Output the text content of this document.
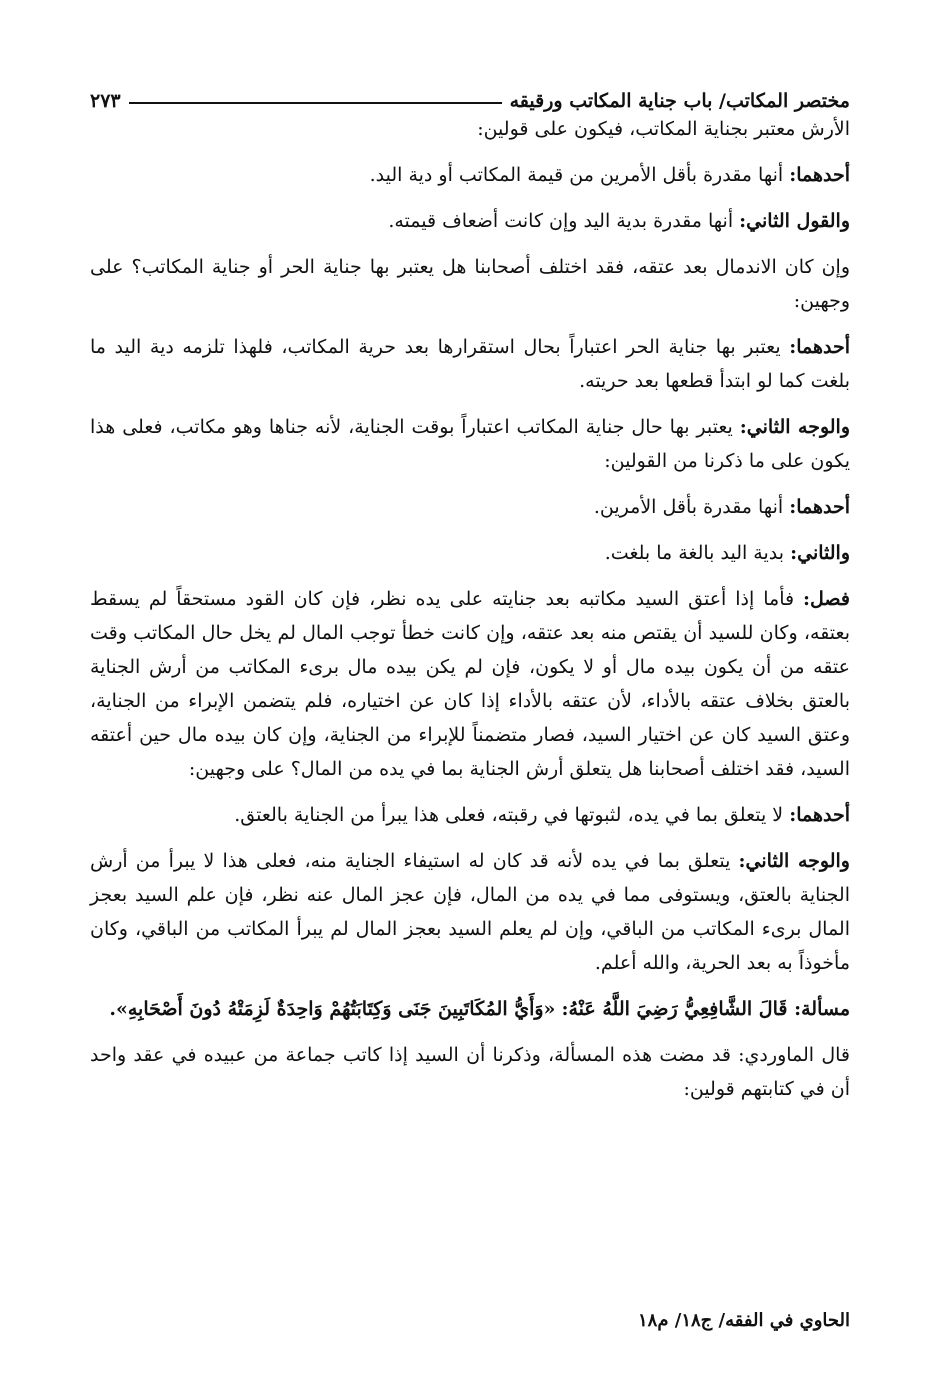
مختصر المكاتب/ باب جناية المكاتب ورقيقه
٢٧٣

الأرش معتبر بجناية المكاتب، فيكون على قولين:

أحدهما: أنها مقدرة بأقل الأمرين من قيمة المكاتب أو دية اليد.

والقول الثاني: أنها مقدرة بدية اليد وإن كانت أضعاف قيمته.

وإن كان الاندمال بعد عتقه، فقد اختلف أصحابنا هل يعتبر بها جناية الحر أو جناية المكاتب؟ على وجهين:

أحدهما: يعتبر بها جناية الحر اعتباراً بحال استقرارها بعد حرية المكاتب، فلهذا تلزمه دية اليد ما بلغت كما لو ابتدأ قطعها بعد حريته.

والوجه الثاني: يعتبر بها حال جناية المكاتب اعتباراً بوقت الجناية، لأنه جناها وهو مكاتب، فعلى هذا يكون على ما ذكرنا من القولين:

أحدهما: أنها مقدرة بأقل الأمرين.

والثاني: بدية اليد بالغة ما بلغت.

فصل: فأما إذا أعتق السيد مكاتبه بعد جنايته على يده نظر، فإن كان القود مستحقاً لم يسقط بعتقه، وكان للسيد أن يقتص منه بعد عتقه، وإن كانت خطأ توجب المال لم يخل حال المكاتب وقت عتقه من أن يكون بيده مال أو لا يكون، فإن لم يكن بيده مال برىء المكاتب من أرش الجناية بالعتق بخلاف عتقه بالأداء، لأن عتقه بالأداء إذا كان عن اختياره، فلم يتضمن الإبراء من الجناية، وعتق السيد كان عن اختيار السيد، فصار متضمناً للإبراء من الجناية، وإن كان بيده مال حين أعتقه السيد، فقد اختلف أصحابنا هل يتعلق أرش الجناية بما في يده من المال؟ على وجهين:

أحدهما: لا يتعلق بما في يده، لثبوتها في رقبته، فعلى هذا يبرأ من الجناية بالعتق.

والوجه الثاني: يتعلق بما في يده لأنه قد كان له استيفاء الجناية منه، فعلى هذا لا يبرأ من أرش الجناية بالعتق، ويستوفى مما في يده من المال، فإن عجز المال عنه نظر، فإن علم السيد بعجز المال برىء المكاتب من الباقي، وإن لم يعلم السيد بعجز المال لم يبرأ المكاتب من الباقي، وكان مأخوذاً به بعد الحرية، والله أعلم.

مسألة: قَالَ الشَّافِعِيُّ رَضِيَ اللَّهُ عَنْهُ: «وَأَيُّ المُكَاتَبِينَ جَنَى وَكِتَابَتُهُمْ وَاحِدَةٌ لَزِمَتْهُ دُونَ أَصْحَابِهِ».

قال الماوردي: قد مضت هذه المسألة، وذكرنا أن السيد إذا كاتب جماعة من عبيده في عقد واحد أن في كتابتهم قولين:

الحاوي في الفقه/ ج١٨/ م١٨
